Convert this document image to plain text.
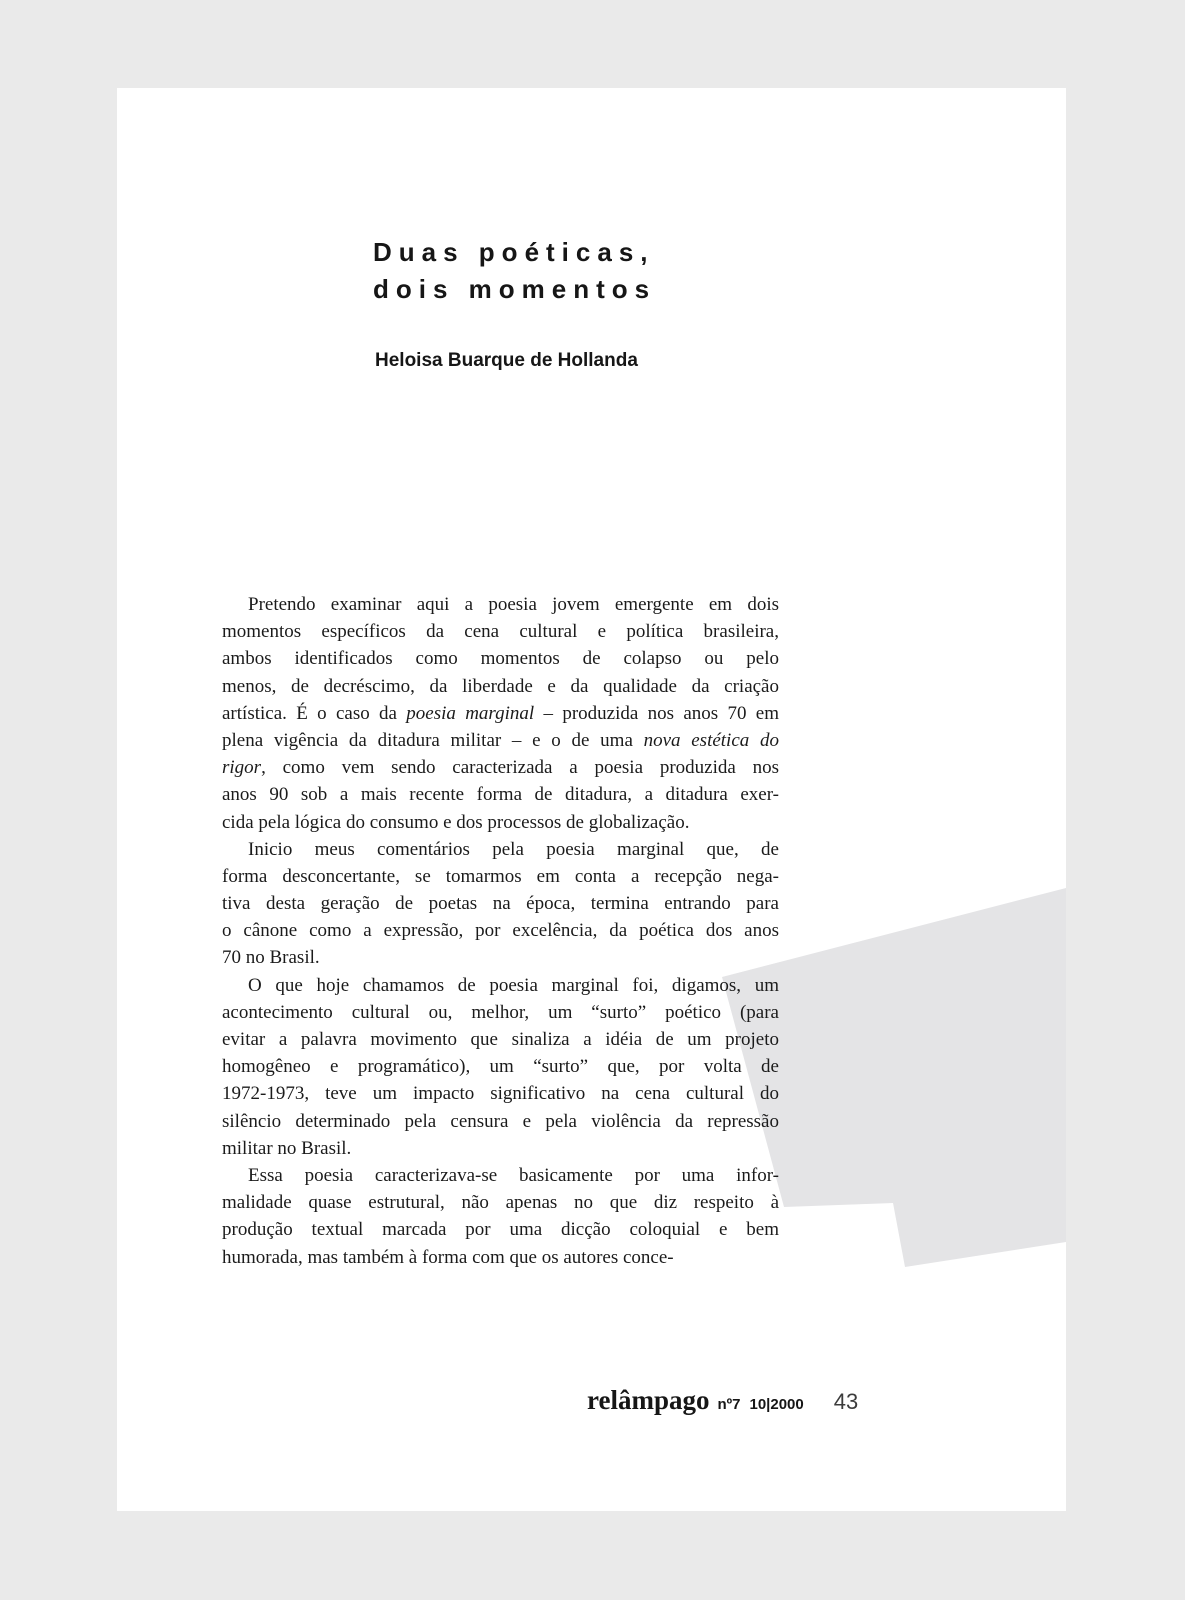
Duas poéticas,
dois momentos
Heloisa Buarque de Hollanda
Pretendo examinar aqui a poesia jovem emergente em dois
momentos específicos da cena cultural e política brasileira,
ambos identificados como momentos de colapso ou pelo
menos, de decréscimo, da liberdade e da qualidade da criação
artística. É o caso da poesia marginal – produzida nos anos 70 em
plena vigência da ditadura militar – e o de uma nova estética do
rigor, como vem sendo caracterizada a poesia produzida nos
anos 90 sob a mais recente forma de ditadura, a ditadura exer-
cida pela lógica do consumo e dos processos de globalização.
Inicio meus comentários pela poesia marginal que, de
forma desconcertante, se tomarmos em conta a recepção nega-
tiva desta geração de poetas na época, termina entrando para
o cânone como a expressão, por excelência, da poética dos anos
70 no Brasil.
O que hoje chamamos de poesia marginal foi, digamos, um
acontecimento cultural ou, melhor, um “surto” poético (para
evitar a palavra movimento que sinaliza a idéia de um projeto
homogêneo e programático), um “surto” que, por volta de
1972-1973, teve um impacto significativo na cena cultural do
silêncio determinado pela censura e pela violência da repressão
militar no Brasil.
Essa poesia caracterizava-se basicamente por uma infor-
malidade quase estrutural, não apenas no que diz respeito à
produção textual marcada por uma dicção coloquial e bem
humorada, mas também à forma com que os autores conce-
relâmpago nº7 10|2000 43
